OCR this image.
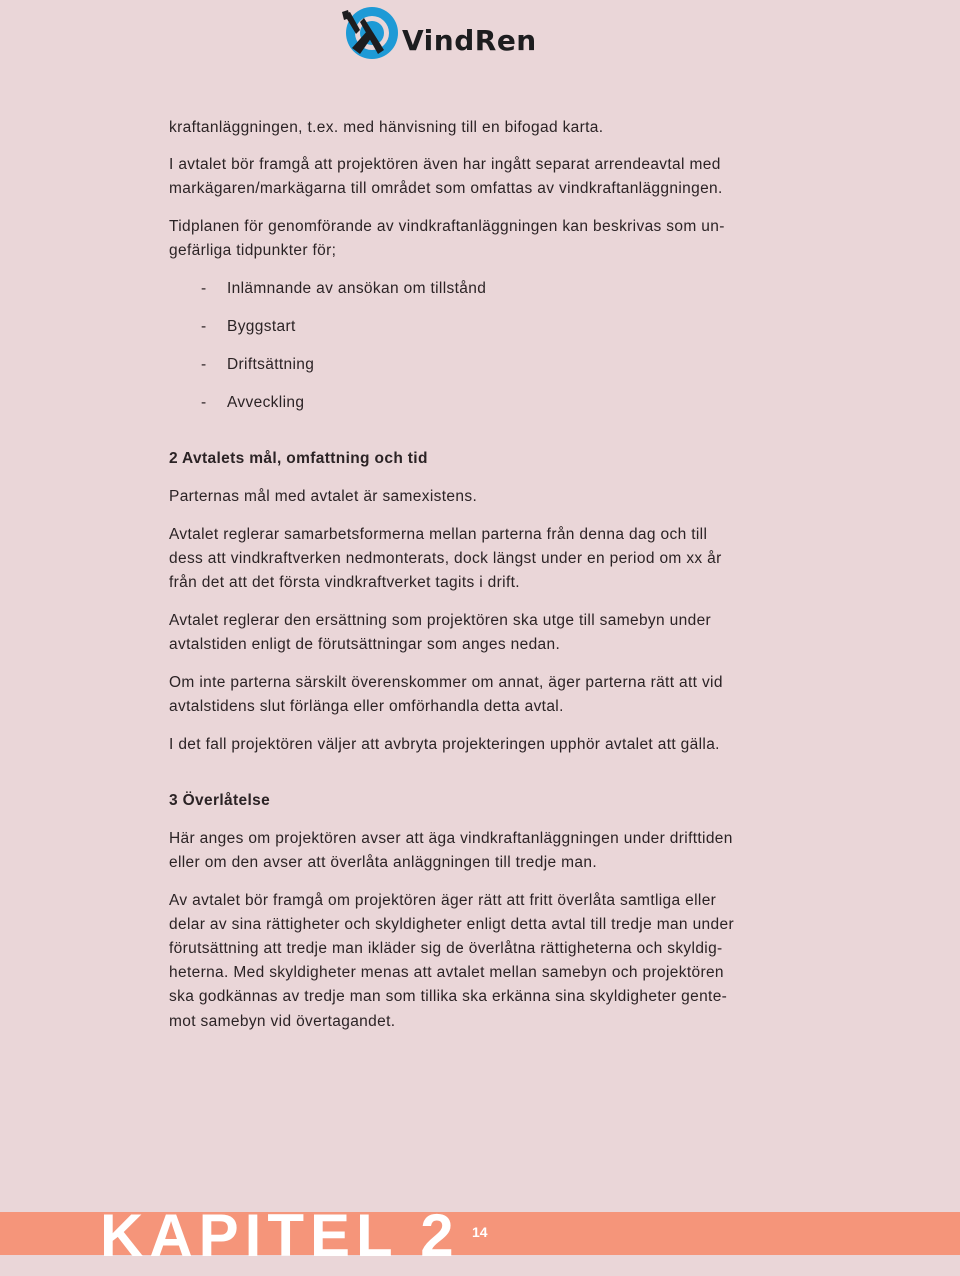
VindRen

kraftanläggningen, t.ex. med hänvisning till en bifogad karta.

I avtalet bör framgå att projektören även har ingått separat arrendeavtal med

markägaren/markägarna till området som omfattas av vindkraftanläggningen.

Tidplanen för genomförande av vindkraftanläggningen kan beskrivas som un-

gefärliga tidpunkter för;

- Inlämnande av ansökan om tillstånd
- Byggstart
- Driftsättning
- Avveckling

2 Avtalets mål, omfattning och tid

Parternas mål med avtalet är samexistens.

Avtalet reglerar samarbetsformerna mellan parterna från denna dag och till

dess att vindkraftverken nedmonterats, dock längst under en period om xx år

från det att det första vindkraftverket tagits i drift.

Avtalet reglerar den ersättning som projektören ska utge till samebyn under

avtalstiden enligt de förutsättningar som anges nedan.

Om inte parterna särskilt överenskommer om annat, äger parterna rätt att vid

avtalstidens slut förlänga eller omförhandla detta avtal.

I det fall projektören väljer att avbryta projekteringen upphör avtalet att gälla.

3 Överlåtelse

Här anges om projektören avser att äga vindkraftanläggningen under drifttiden

eller om den avser att överlåta anläggningen till tredje man.

Av avtalet bör framgå om projektören äger rätt att fritt överlåta samtliga eller

delar av sina rättigheter och skyldigheter enligt detta avtal till tredje man under

förutsättning att tredje man ikläder sig de överlåtna rättigheterna och skyldig-

heterna. Med skyldigheter menas att avtalet mellan samebyn och projektören

ska godkännas av tredje man som tillika ska erkänna sina skyldigheter gente-

mot samebyn vid övertagandet.

KAPITEL 2 14
